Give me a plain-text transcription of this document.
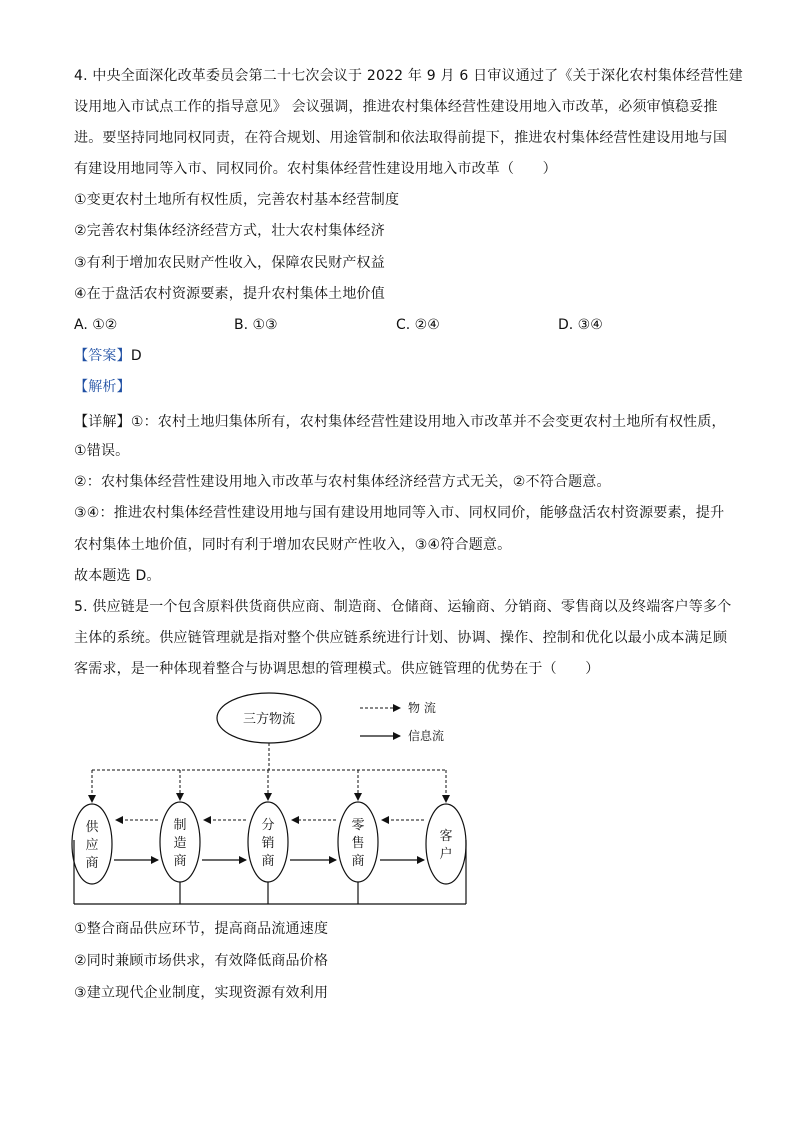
4. 中央全面深化改革委员会第二十七次会议于 2022 年 9 月 6 日审议通过了《关于深化农村集体经营性建
设用地入市试点工作的指导意见》 会议强调，推进农村集体经营性建设用地入市改革，必须审慎稳妥推
进。要坚持同地同权同责，在符合规划、用途管制和依法取得前提下，推进农村集体经营性建设用地与国
有建设用地同等入市、同权同价。农村集体经营性建设用地入市改革（　　）
①变更农村土地所有权性质，完善农村基本经营制度
②完善农村集体经济经营方式，壮大农村集体经济
③有利于增加农民财产性收入，保障农民财产权益
④在于盘活农村资源要素，提升农村集体土地价值
A. ①②	B. ①③	C. ②④	D. ③④
【答案】D
【解析】
【详解】①：农村土地归集体所有，农村集体经营性建设用地入市改革并不会变更农村土地所有权性质，
①错误。
②：农村集体经营性建设用地入市改革与农村集体经济经营方式无关，②不符合题意。
③④：推进农村集体经营性建设用地与国有建设用地同等入市、同权同价，能够盘活农村资源要素，提升
农村集体土地价值，同时有利于增加农民财产性收入，③④符合题意。
故本题选 D。
5. 供应链是一个包含原料供货商供应商、制造商、仓储商、运输商、分销商、零售商以及终端客户等多个
主体的系统。供应链管理就是指对整个供应链系统进行计划、协调、操作、控制和优化以最小成本满足顾
客需求，是一种体现着整合与协调思想的管理模式。供应链管理的优势在于（　　）
三方物流
物 流
信息流
供
应
商
制
造
商
分
销
商
零
售
商
客
户
①整合商品供应环节，提高商品流通速度
②同时兼顾市场供求，有效降低商品价格
③建立现代企业制度，实现资源有效利用
